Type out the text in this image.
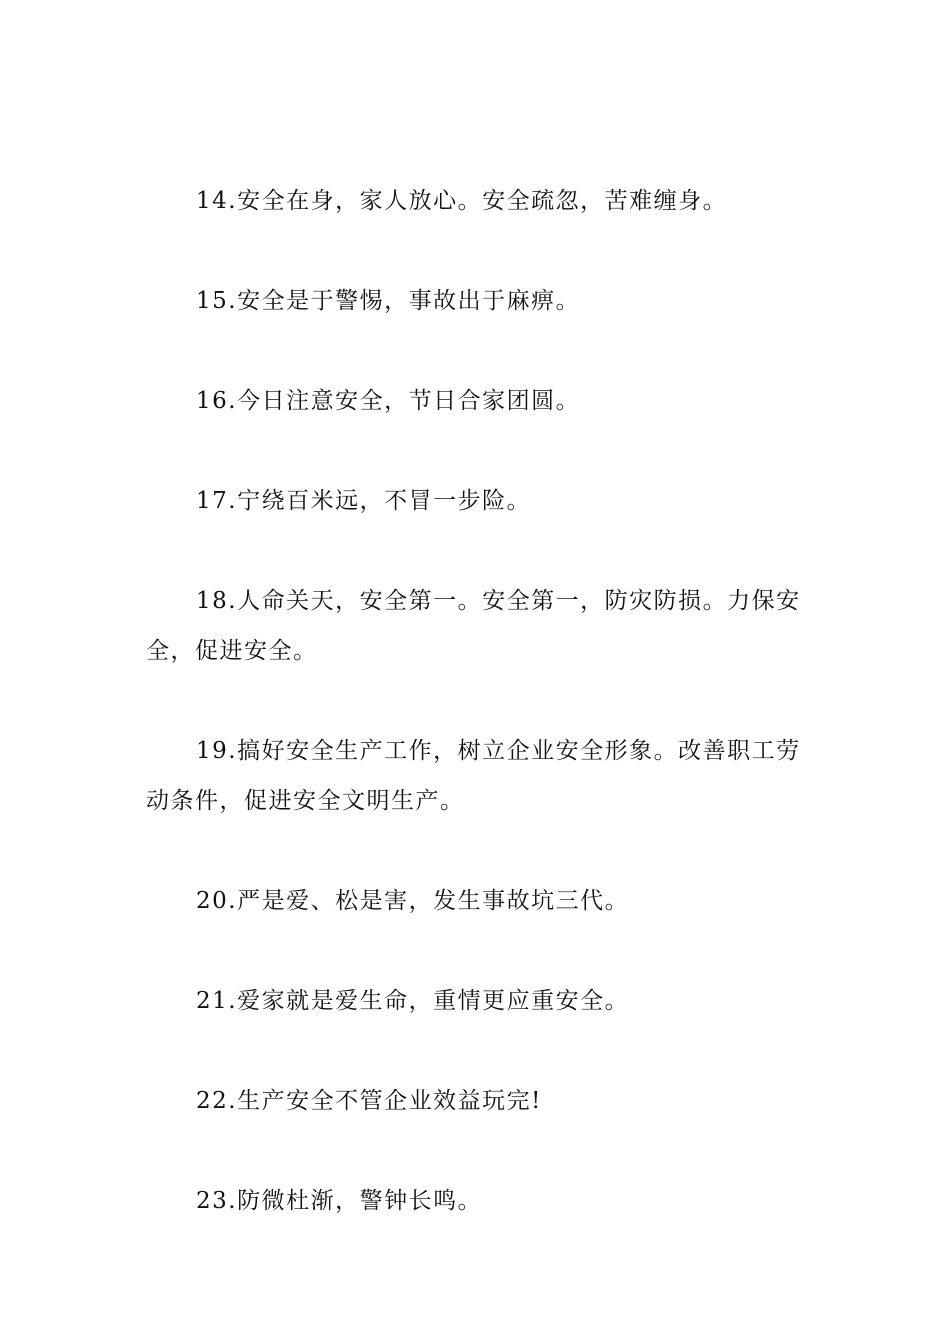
14.安全在身，家人放心。安全疏忽，苦难缠身。

15.安全是于警惕，事故出于麻痹。

16.今日注意安全，节日合家团圆。

17.宁绕百米远，不冒一步险。

18.人命关天，安全第一。安全第一，防灾防损。力保安全，促进安全。

19.搞好安全生产工作，树立企业安全形象。改善职工劳动条件，促进安全文明生产。

20.严是爱、松是害，发生事故坑三代。

21.爱家就是爱生命，重情更应重安全。

22.生产安全不管企业效益玩完!

23.防微杜渐，警钟长鸣。
